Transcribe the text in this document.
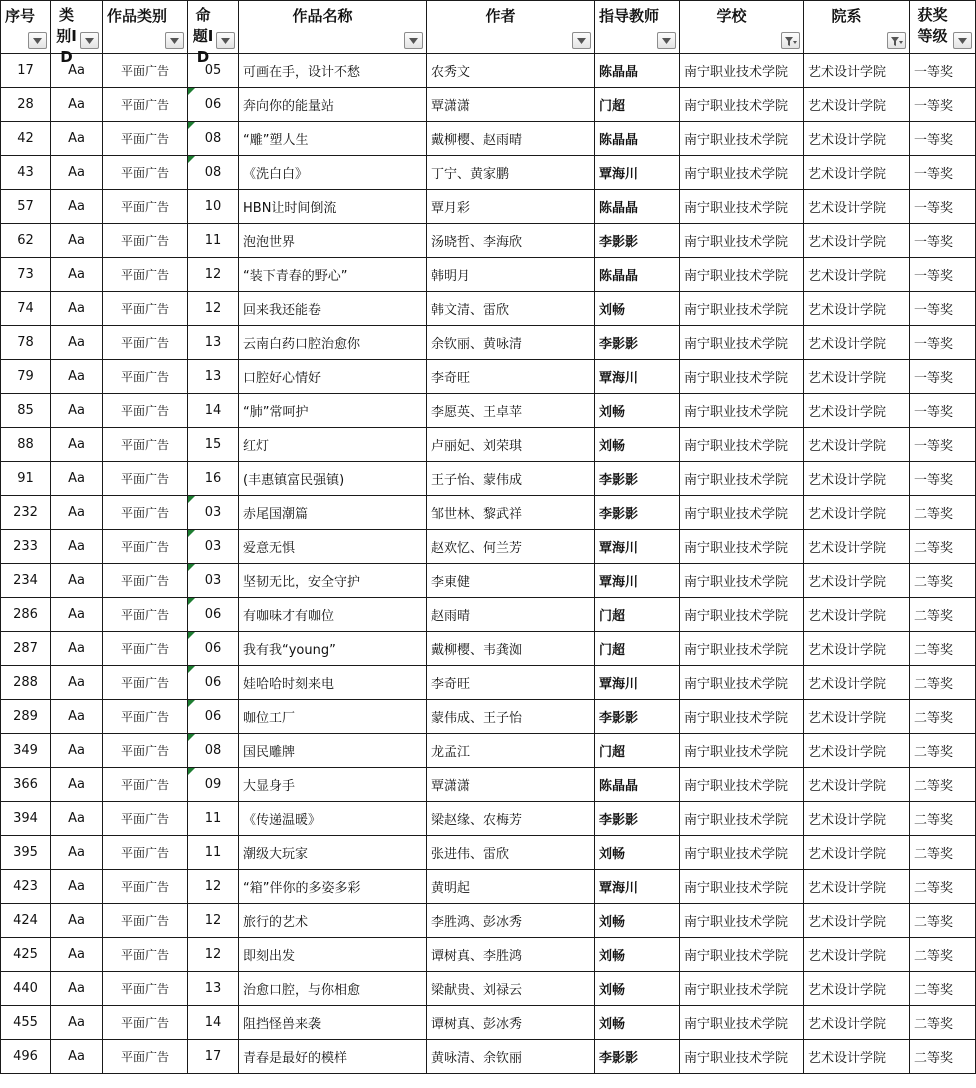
序号	类别ID	作品类别	命题ID	作品名称	作者	指导教师	学校	院系	获奖等级

17	Aa	平面广告	05	可画在手，设计不愁	农秀文	陈晶晶	南宁职业技术学院	艺术设计学院	一等奖
28	Aa	平面广告	06	奔向你的能量站	覃潇潇	门超	南宁职业技术学院	艺术设计学院	一等奖
42	Aa	平面广告	08	“雕”塑人生	戴柳樱、赵雨晴	陈晶晶	南宁职业技术学院	艺术设计学院	一等奖
43	Aa	平面广告	08	《洗白白》	丁宁、黄家鹏	覃海川	南宁职业技术学院	艺术设计学院	一等奖
57	Aa	平面广告	10	HBN让时间倒流	覃月彩	陈晶晶	南宁职业技术学院	艺术设计学院	一等奖
62	Aa	平面广告	11	泡泡世界	汤晓哲、李海欣	李影影	南宁职业技术学院	艺术设计学院	一等奖
73	Aa	平面广告	12	“装下青春的野心”	韩明月	陈晶晶	南宁职业技术学院	艺术设计学院	一等奖
74	Aa	平面广告	12	回来我还能卷	韩文清、雷欣	刘畅	南宁职业技术学院	艺术设计学院	一等奖
78	Aa	平面广告	13	云南白药口腔治愈你	余钦丽、黄咏清	李影影	南宁职业技术学院	艺术设计学院	一等奖
79	Aa	平面广告	13	口腔好心情好	李奇旺	覃海川	南宁职业技术学院	艺术设计学院	一等奖
85	Aa	平面广告	14	“肺”常呵护	李愿英、王卓苹	刘畅	南宁职业技术学院	艺术设计学院	一等奖
88	Aa	平面广告	15	红灯	卢丽妃、刘荣琪	刘畅	南宁职业技术学院	艺术设计学院	一等奖
91	Aa	平面广告	16	(丰惠镇富民强镇)	王子怡、蒙伟成	李影影	南宁职业技术学院	艺术设计学院	一等奖
232	Aa	平面广告	03	赤尾国潮篇	邹世林、黎武祥	李影影	南宁职业技术学院	艺术设计学院	二等奖
233	Aa	平面广告	03	爱意无惧	赵欢忆、何兰芳	覃海川	南宁职业技术学院	艺术设计学院	二等奖
234	Aa	平面广告	03	坚韧无比，安全守护	李東健	覃海川	南宁职业技术学院	艺术设计学院	二等奖
286	Aa	平面广告	06	有咖味才有咖位	赵雨晴	门超	南宁职业技术学院	艺术设计学院	二等奖
287	Aa	平面广告	06	我有我“young”	戴柳樱、韦龚洳	门超	南宁职业技术学院	艺术设计学院	二等奖
288	Aa	平面广告	06	娃哈哈时刻来电	李奇旺	覃海川	南宁职业技术学院	艺术设计学院	二等奖
289	Aa	平面广告	06	咖位工厂	蒙伟成、王子怡	李影影	南宁职业技术学院	艺术设计学院	二等奖
349	Aa	平面广告	08	国民雕牌	龙孟江	门超	南宁职业技术学院	艺术设计学院	二等奖
366	Aa	平面广告	09	大显身手	覃潇潇	陈晶晶	南宁职业技术学院	艺术设计学院	二等奖
394	Aa	平面广告	11	《传递温暖》	梁赵缘、农梅芳	李影影	南宁职业技术学院	艺术设计学院	二等奖
395	Aa	平面广告	11	潮级大玩家	张进伟、雷欣	刘畅	南宁职业技术学院	艺术设计学院	二等奖
423	Aa	平面广告	12	“箱”伴你的多姿多彩	黄明起	覃海川	南宁职业技术学院	艺术设计学院	二等奖
424	Aa	平面广告	12	旅行的艺术	李胜鸿、彭冰秀	刘畅	南宁职业技术学院	艺术设计学院	二等奖
425	Aa	平面广告	12	即刻出发	谭树真、李胜鸿	刘畅	南宁职业技术学院	艺术设计学院	二等奖
440	Aa	平面广告	13	治愈口腔，与你相愈	梁献贵、刘禄云	刘畅	南宁职业技术学院	艺术设计学院	二等奖
455	Aa	平面广告	14	阻挡怪兽来袭	谭树真、彭冰秀	刘畅	南宁职业技术学院	艺术设计学院	二等奖
496	Aa	平面广告	17	青春是最好的模样	黄咏清、余钦丽	李影影	南宁职业技术学院	艺术设计学院	二等奖
